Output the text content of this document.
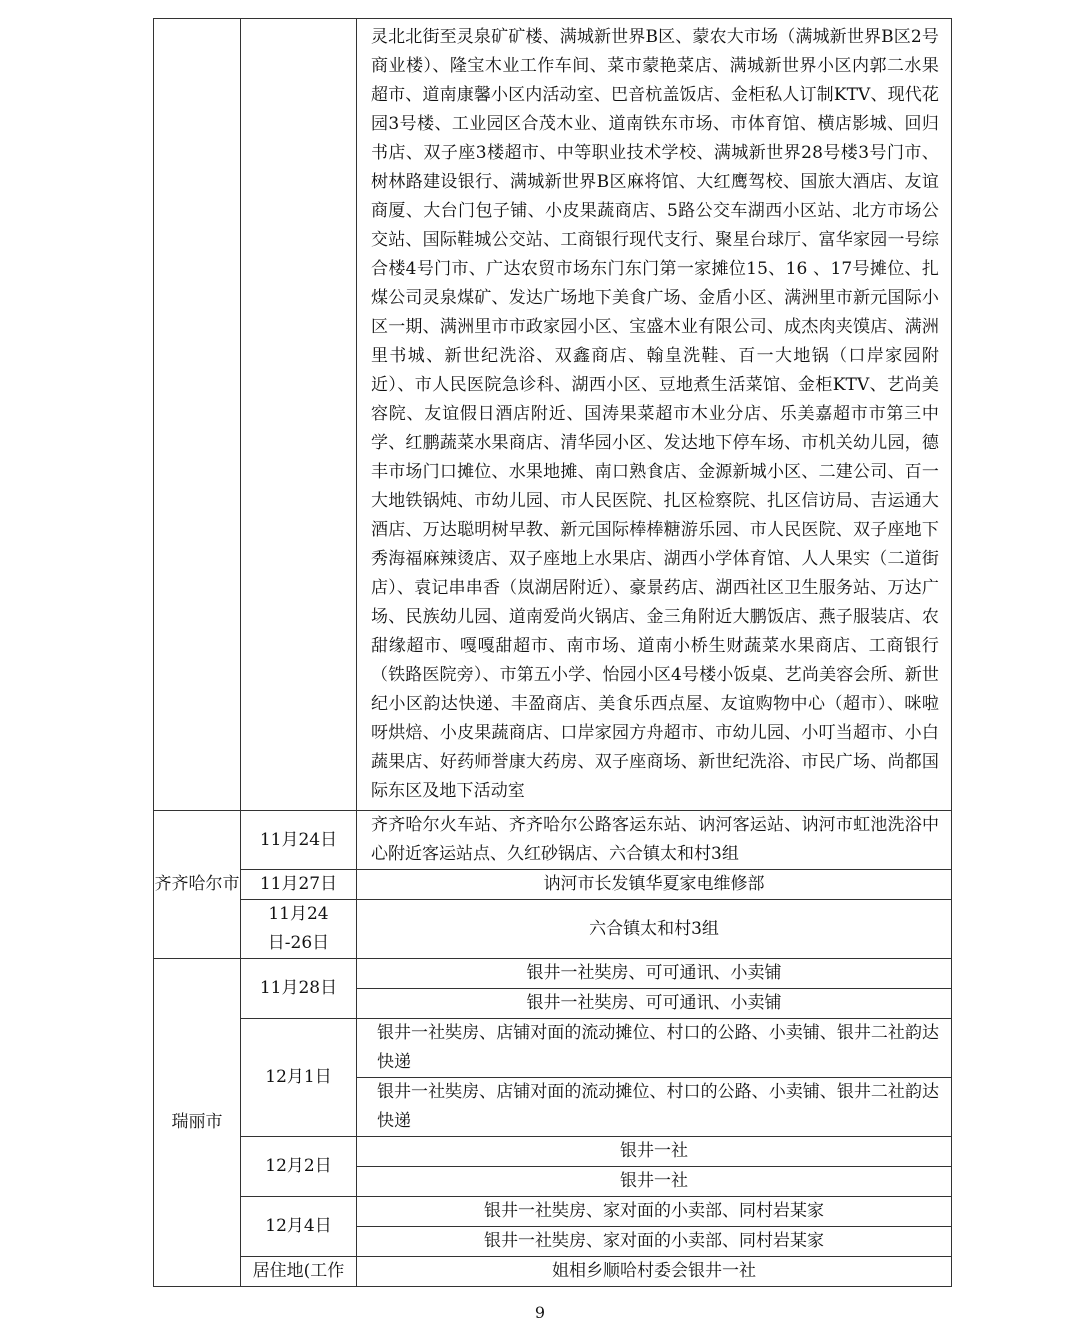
		灵北北街至灵泉矿矿楼、满城新世界B区、蒙农大市场（满城新世界B区2号商业楼）、隆宝木业工作车间、菜市蒙艳菜店、满城新世界小区内郭二水果超市、道南康馨小区内活动室、巴音杭盖饭店、金柜私人订制KTV、现代花园3号楼、工业园区合茂木业、道南铁东市场、市体育馆、横店影城、回归书店、双子座3楼超市、中等职业技术学校、满城新世界28号楼3号门市、树林路建设银行、满城新世界B区麻将馆、大红鹰驾校、国旅大酒店、友谊商厦、大台门包子铺、小皮果蔬商店、5路公交车湖西小区站、北方市场公交站、国际鞋城公交站、工商银行现代支行、聚星台球厅、富华家园一号综合楼4号门市、广达农贸市场东门东门第一家摊位15、16 、17号摊位、扎煤公司灵泉煤矿、发达广场地下美食广场、金盾小区、满洲里市新元国际小区一期、满洲里市市政家园小区、宝盛木业有限公司、成杰肉夹馍店、满洲里书城、新世纪洗浴、双鑫商店、翰皇洗鞋、百一大地锅（口岸家园附近）、市人民医院急诊科、湖西小区、豆地煮生活菜馆、金柜KTV、艺尚美容院、友谊假日酒店附近、国涛果菜超市木业分店、乐美嘉超市市第三中学、红鹏蔬菜水果商店、清华园小区、发达地下停车场、市机关幼儿园，德丰市场门口摊位、水果地摊、南口熟食店、金源新城小区、二建公司、百一大地铁锅炖、市幼儿园、市人民医院、扎区检察院、扎区信访局、吉运通大酒店、万达聪明树早教、新元国际棒棒糖游乐园、市人民医院、双子座地下秀海福麻辣烫店、双子座地上水果店、湖西小学体育馆、人人果实（二道街店）、袁记串串香（岚湖居附近）、豪景药店、湖西社区卫生服务站、万达广场、民族幼儿园、道南爱尚火锅店、金三角附近大鹏饭店、燕子服装店、农甜缘超市、嘎嘎甜超市、南市场、道南小桥生财蔬菜水果商店、工商银行（铁路医院旁）、市第五小学、怡园小区4号楼小饭桌、艺尚美容会所、新世纪小区韵达快递、丰盈商店、美食乐西点屋、友谊购物中心（超市）、咪啦呀烘焙、小皮果蔬商店、口岸家园方舟超市、市幼儿园、小叮当超市、小白蔬果店、好药师誉康大药房、双子座商场、新世纪洗浴、市民广场、尚都国际东区及地下活动室

齐齐哈尔市	11月24日	齐齐哈尔火车站、齐齐哈尔公路客运东站、讷河客运站、讷河市虹池洗浴中心附近客运站点、久红砂锅店、六合镇太和村3组

	11月27日	讷河市长发镇华夏家电维修部

	11月24日-26日	六合镇太和村3组
瑞丽市	11月28日	银井一社奘房、可可通讯、小卖铺
		银井一社奘房、可可通讯、小卖铺
	12月1日	银井一社奘房、店铺对面的流动摊位、村口的公路、小卖铺、银井二社韵达快递

		银井一社奘房、店铺对面的流动摊位、村口的公路、小卖铺、银井二社韵达快递

	12月2日	银井一社
		银井一社
	12月4日	银井一社奘房、家对面的小卖部、同村岩某家
		银井一社奘房、家对面的小卖部、同村岩某家
	居住地(工作	姐相乡顺哈村委会银井一社
9
